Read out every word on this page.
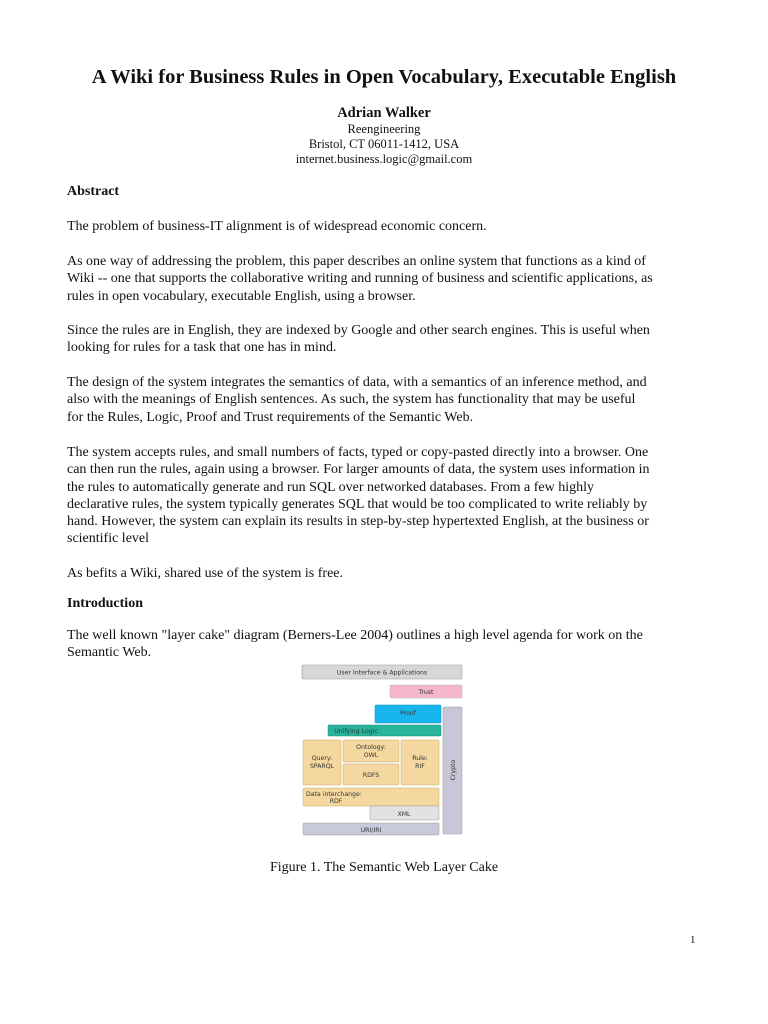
A Wiki for Business Rules in Open Vocabulary, Executable English
Adrian Walker
Reengineering
Bristol, CT 06011-1412, USA
internet.business.logic@gmail.com
Abstract
The problem of business-IT alignment is of widespread economic concern.
As one way of addressing the problem, this paper describes an online system that functions as a kind of
Wiki -- one that supports the collaborative writing and running of business and scientific applications, as
rules in open vocabulary, executable English, using a browser.
Since the rules are in English, they are indexed by Google and other search engines. This is useful when
looking for rules for a task that one has in mind.
The design of the system integrates the semantics of data, with a semantics of an inference method, and
also with the meanings of English sentences. As such, the system has functionality that may be useful
for the Rules, Logic, Proof and Trust requirements of the Semantic Web.
The system accepts rules, and small numbers of facts, typed or copy-pasted directly into a browser. One
can then run the rules, again using a browser. For larger amounts of data, the system uses information in
the rules to automatically generate and run SQL over networked databases. From a few highly
declarative rules, the system typically generates SQL that would be too complicated to write reliably by
hand. However, the system can explain its results in step-by-step hypertexted English, at the business or
scientific level
As befits a Wiki, shared use of the system is free.
Introduction
The well known "layer cake" diagram (Berners-Lee 2004) outlines a high level agenda for work on the
Semantic Web.
User Interface & Applications
Trust
Crypto
Proof
Unifying Logic
Query:
SPARQL
Ontology:
OWL	Rule:
RIF
RDFS
Data interchange:
RDF
XML
URI/IRI
Figure 1. The Semantic Web Layer Cake
1
